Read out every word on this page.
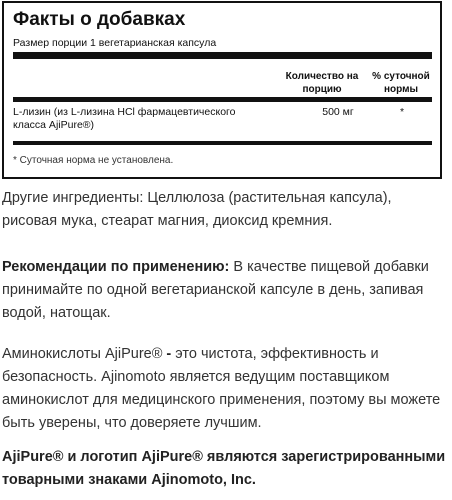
Факты о добавках
Размер порции 1 вегетарианская капсула
Количество на
порцию
% суточной
нормы
L-лизин (из L-лизина HCl фармацевтического класса AjiPure®)
500 мг	*
* Суточная норма не установлена.

Другие ингредиенты: Целлюлоза (растительная капсула), рисовая мука, стеарат магния, диоксид кремния.

Рекомендации по применению: В качестве пищевой добавки принимайте по одной вегетарианской капсуле в день, запивая водой, натощак.

Аминокислоты AjiPure® - это чистота, эффективность и безопасность. Ajinomoto является ведущим поставщиком аминокислот для медицинского применения, поэтому вы можете быть уверены, что доверяете лучшим.

AjiPure® и логотип AjiPure® являются зарегистрированными товарными знаками Ajinomoto, Inc.
